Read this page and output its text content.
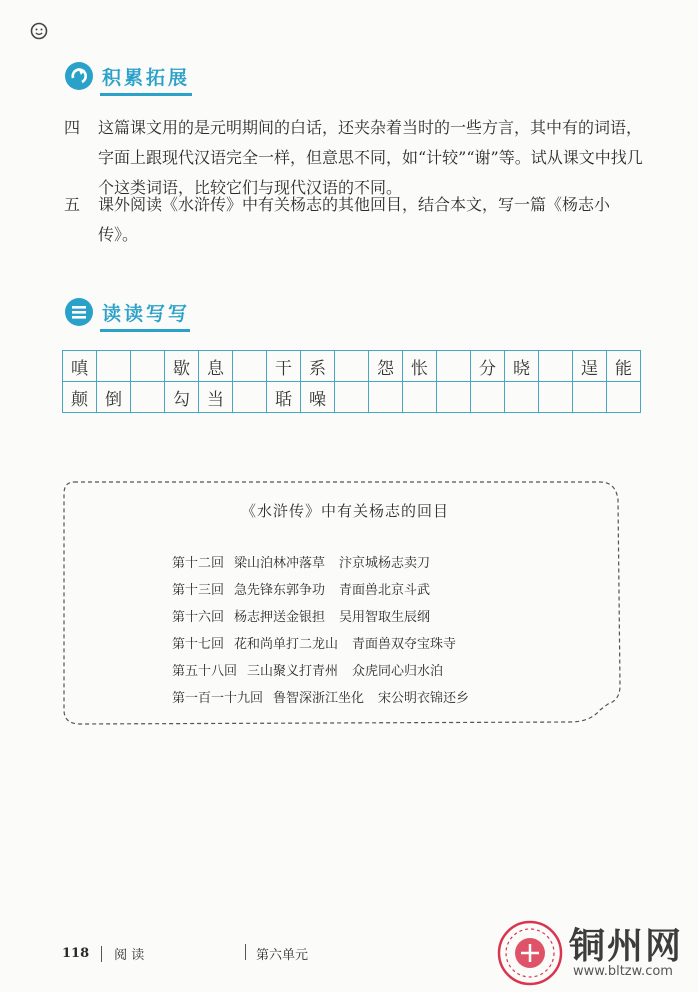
积累拓展
四	这篇课文用的是元明期间的白话，还夹杂着当时的一些方言，其中有的词语，字面上跟现代汉语完全一样，但意思不同，如“计较”“谢”等。试从课文中找几个这类词语，比较它们与现代汉语的不同。
五	课外阅读《水浒传》中有关杨志的其他回目，结合本文，写一篇《杨志小传》。
读读写写
嗔			歇	息		干	系		怨	怅		分	晓		逞	能
颠	倒		勾	当		聒	噪									
《水浒传》中有关杨志的回目
第十二回 梁山泊林冲落草 汴京城杨志卖刀
第十三回 急先锋东郭争功 青面兽北京斗武
第十六回 杨志押送金银担 吴用智取生辰纲
第十七回 花和尚单打二龙山 青面兽双夺宝珠寺
第五十八回 三山聚义打青州 众虎同心归水泊
第一百一十九回 鲁智深浙江坐化 宋公明衣锦还乡
118 阅 读	第六单元	铜州网
www.bltzw.com
